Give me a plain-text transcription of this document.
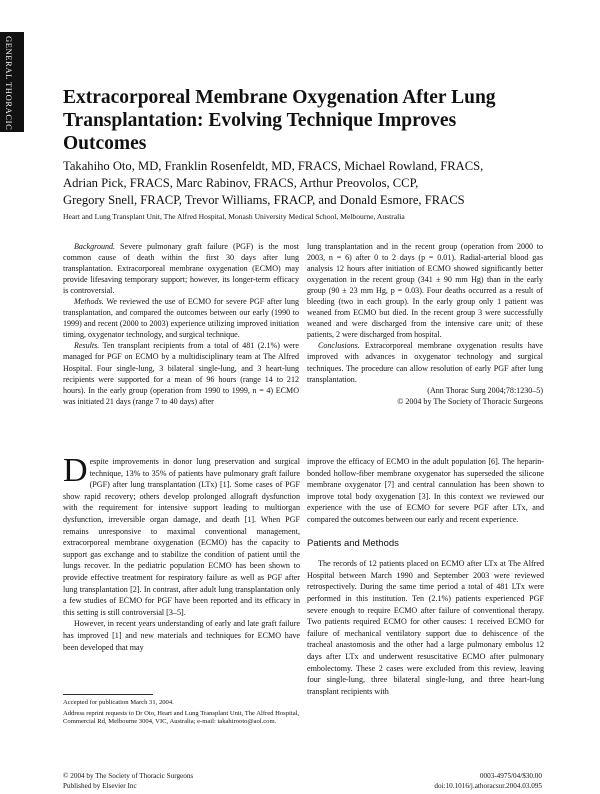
GENERAL THORACIC	Extracorporeal Membrane Oxygenation After Lung
Transplantation: Evolving Technique Improves
Outcomes
Takahiho Oto, MD, Franklin Rosenfeldt, MD, FRACS, Michael Rowland, FRACS,
Adrian Pick, FRACS, Marc Rabinov, FRACS, Arthur Preovolos, CCP,
Gregory Snell, FRACP, Trevor Williams, FRACP, and Donald Esmore, FRACS
Heart and Lung Transplant Unit, The Alfred Hospital, Monash University Medical School, Melbourne, Australia

Background. Severe pulmonary graft failure (PGF) is the most common cause of death within the first 30 days after lung transplantation. Extracorporeal membrane oxygenation (ECMO) may provide lifesaving temporary support; however, its longer-term efficacy is controversial.

Methods. We reviewed the use of ECMO for severe PGF after lung transplantation, and compared the outcomes between our early (1990 to 1999) and recent (2000 to 2003) experience utilizing improved initiation timing, oxygenator technology, and surgical technique.

Results. Ten transplant recipients from a total of 481 (2.1%) were managed for PGF on ECMO by a multidisciplinary team at The Alfred Hospital. Four single-lung, 3 bilateral single-lung, and 3 heart-lung recipients were supported for a mean of 96 hours (range 14 to 212 hours). In the early group (operation from 1990 to 1999, n = 4) ECMO was initiated 21 days (range 7 to 40 days) after

lung transplantation and in the recent group (operation from 2000 to 2003, n = 6) after 0 to 2 days (p = 0.01). Radial-arterial blood gas analysis 12 hours after initiation of ECMO showed significantly better oxygenation in the recent group (341 ± 90 mm Hg) than in the early group (90 ± 23 mm Hg, p = 0.03). Four deaths occurred as a result of bleeding (two in each group). In the early group only 1 patient was weaned from ECMO but died. In the recent group 3 were successfully weaned and were discharged from the intensive care unit; of these patients, 2 were discharged from hospital.

Conclusions. Extracorporeal membrane oxygenation results have improved with advances in oxygenator technology and surgical techniques. The procedure can allow resolution of early PGF after lung transplantation.

(Ann Thorac Surg 2004;78:1230–5)

© 2004 by The Society of Thoracic Surgeons

Despite improvements in donor lung preservation and surgical technique, 13% to 35% of patients have pulmonary graft failure (PGF) after lung transplantation (LTx) [1]. Some cases of PGF show rapid recovery; others develop prolonged allograft dysfunction with the requirement for intensive support leading to multiorgan dysfunction, irreversible organ damage, and death [1]. When PGF remains unresponsive to maximal conventional management, extracorporeal membrane oxygenation (ECMO) has the capacity to support gas exchange and to stabilize the condition of patient until the lungs recover. In the pediatric population ECMO has been shown to provide effective treatment for respiratory failure as well as PGF after lung transplantation [2]. In contrast, after adult lung transplantation only a few studies of ECMO for PGF have been reported and its efficacy in this setting is still controversial [3–5].

However, in recent years understanding of early and late graft failure has improved [1] and new materials and techniques for ECMO have been developed that may

improve the efficacy of ECMO in the adult population [6]. The heparin-bonded hollow-fiber membrane oxygenator has superseded the silicone membrane oxygenator [7] and central cannulation has been shown to improve total body oxygenation [3]. In this context we reviewed our experience with the use of ECMO for severe PGF after LTx, and compared the outcomes between our early and recent experience.

Patients and Methods

The records of 12 patients placed on ECMO after LTx at The Alfred Hospital between March 1990 and September 2003 were reviewed retrospectively. During the same time period a total of 481 LTx were performed in this institution. Ten (2.1%) patients experienced PGF severe enough to require ECMO after failure of conventional therapy. Two patients required ECMO for other causes: 1 received ECMO for failure of mechanical ventilatory support due to dehiscence of the tracheal anastomosis and the other had a large pulmonary embolus 12 days after LTx and underwent resuscitative ECMO after pulmonary embolectomy. These 2 cases were excluded from this review, leaving four single-lung, three bilateral single-lung, and three heart-lung transplant recipients with

Accepted for publication March 31, 2004.

Address reprint requests to Dr Oto, Heart and Lung Transplant Unit, The Alfred Hospital, Commercial Rd, Melbourne 3004, VIC, Australia; e-mail: takahirooto@aol.com.

© 2004 by The Society of Thoracic Surgeons
Published by Elsevier Inc
0003-4975/04/$30.00
doi:10.1016/j.athoracsur.2004.03.095
